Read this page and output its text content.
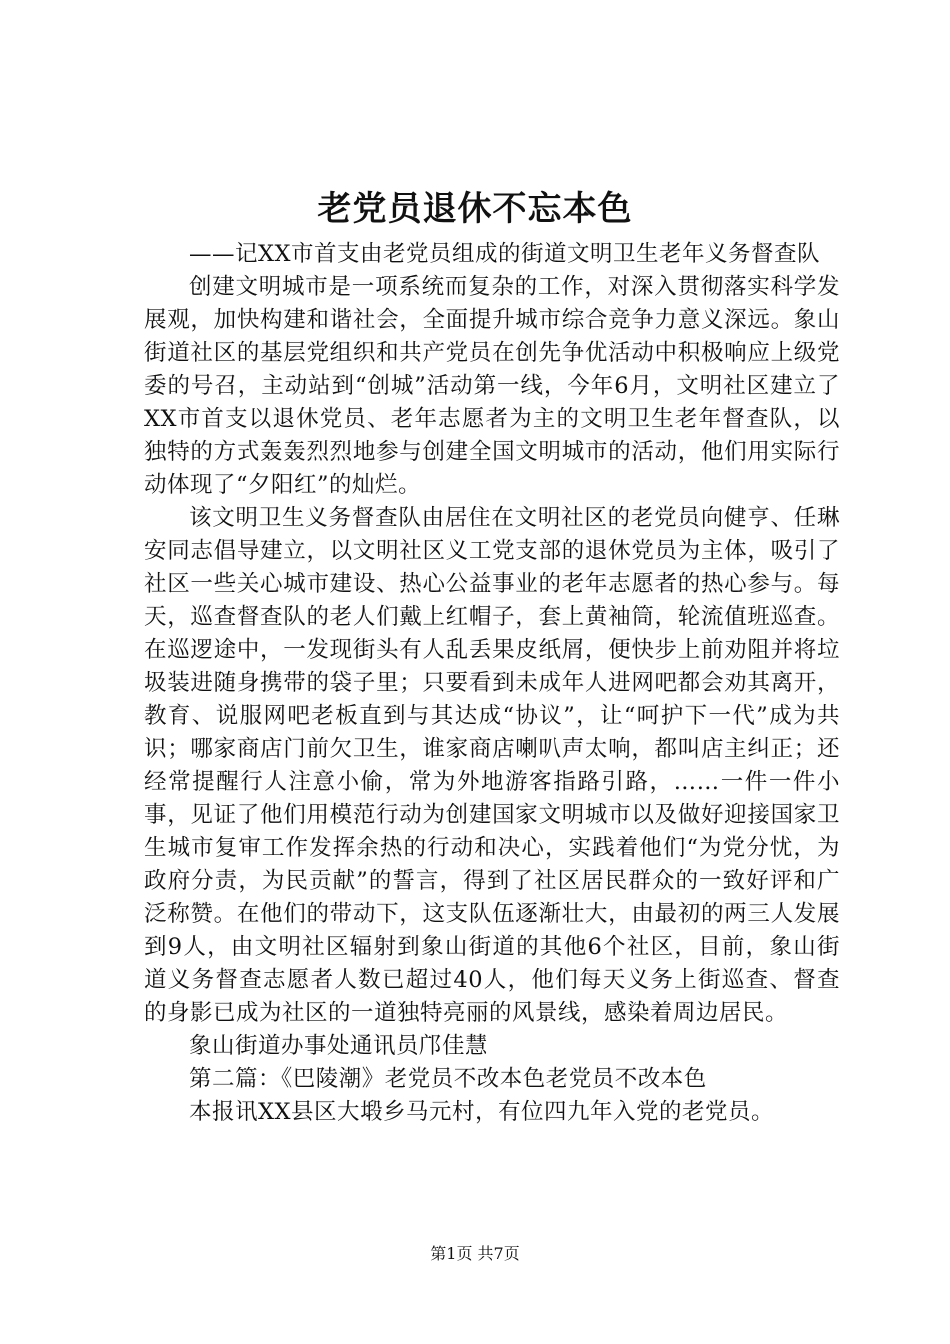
老党员退休不忘本色

——记XX市首支由老党员组成的街道文明卫生老年义务督查队

创建文明城市是一项系统而复杂的工作，对深入贯彻落实科学发展观，加快构建和谐社会，全面提升城市综合竞争力意义深远。象山街道社区的基层党组织和共产党员在创先争优活动中积极响应上级党委的号召，主动站到“创城”活动第一线，今年6月，文明社区建立了XX市首支以退休党员、老年志愿者为主的文明卫生老年督查队，以独特的方式轰轰烈烈地参与创建全国文明城市的活动，他们用实际行动体现了“夕阳红”的灿烂。

该文明卫生义务督查队由居住在文明社区的老党员向健亨、任琳安同志倡导建立，以文明社区义工党支部的退休党员为主体，吸引了社区一些关心城市建设、热心公益事业的老年志愿者的热心参与。每天，巡查督查队的老人们戴上红帽子，套上黄袖筒，轮流值班巡查。在巡逻途中，一发现街头有人乱丢果皮纸屑，便快步上前劝阻并将垃圾装进随身携带的袋子里；只要看到未成年人进网吧都会劝其离开，教育、说服网吧老板直到与其达成“协议”，让“呵护下一代”成为共识；哪家商店门前欠卫生，谁家商店喇叭声太响，都叫店主纠正；还经常提醒行人注意小偷，常为外地游客指路引路，……一件一件小事，见证了他们用模范行动为创建国家文明城市以及做好迎接国家卫生城市复审工作发挥余热的行动和决心，实践着他们“为党分忧，为政府分责，为民贡献”的誓言，得到了社区居民群众的一致好评和广泛称赞。在他们的带动下，这支队伍逐渐壮大，由最初的两三人发展到9人，由文明社区辐射到象山街道的其他6个社区，目前，象山街道义务督查志愿者人数已超过40人，他们每天义务上街巡查、督查的身影已成为社区的一道独特亮丽的风景线，感染着周边居民。

象山街道办事处通讯员邝佳慧

第二篇：《巴陵潮》老党员不改本色老党员不改本色

本报讯XX县区大塅乡马元村，有位四九年入党的老党员。

第1页 共7页
